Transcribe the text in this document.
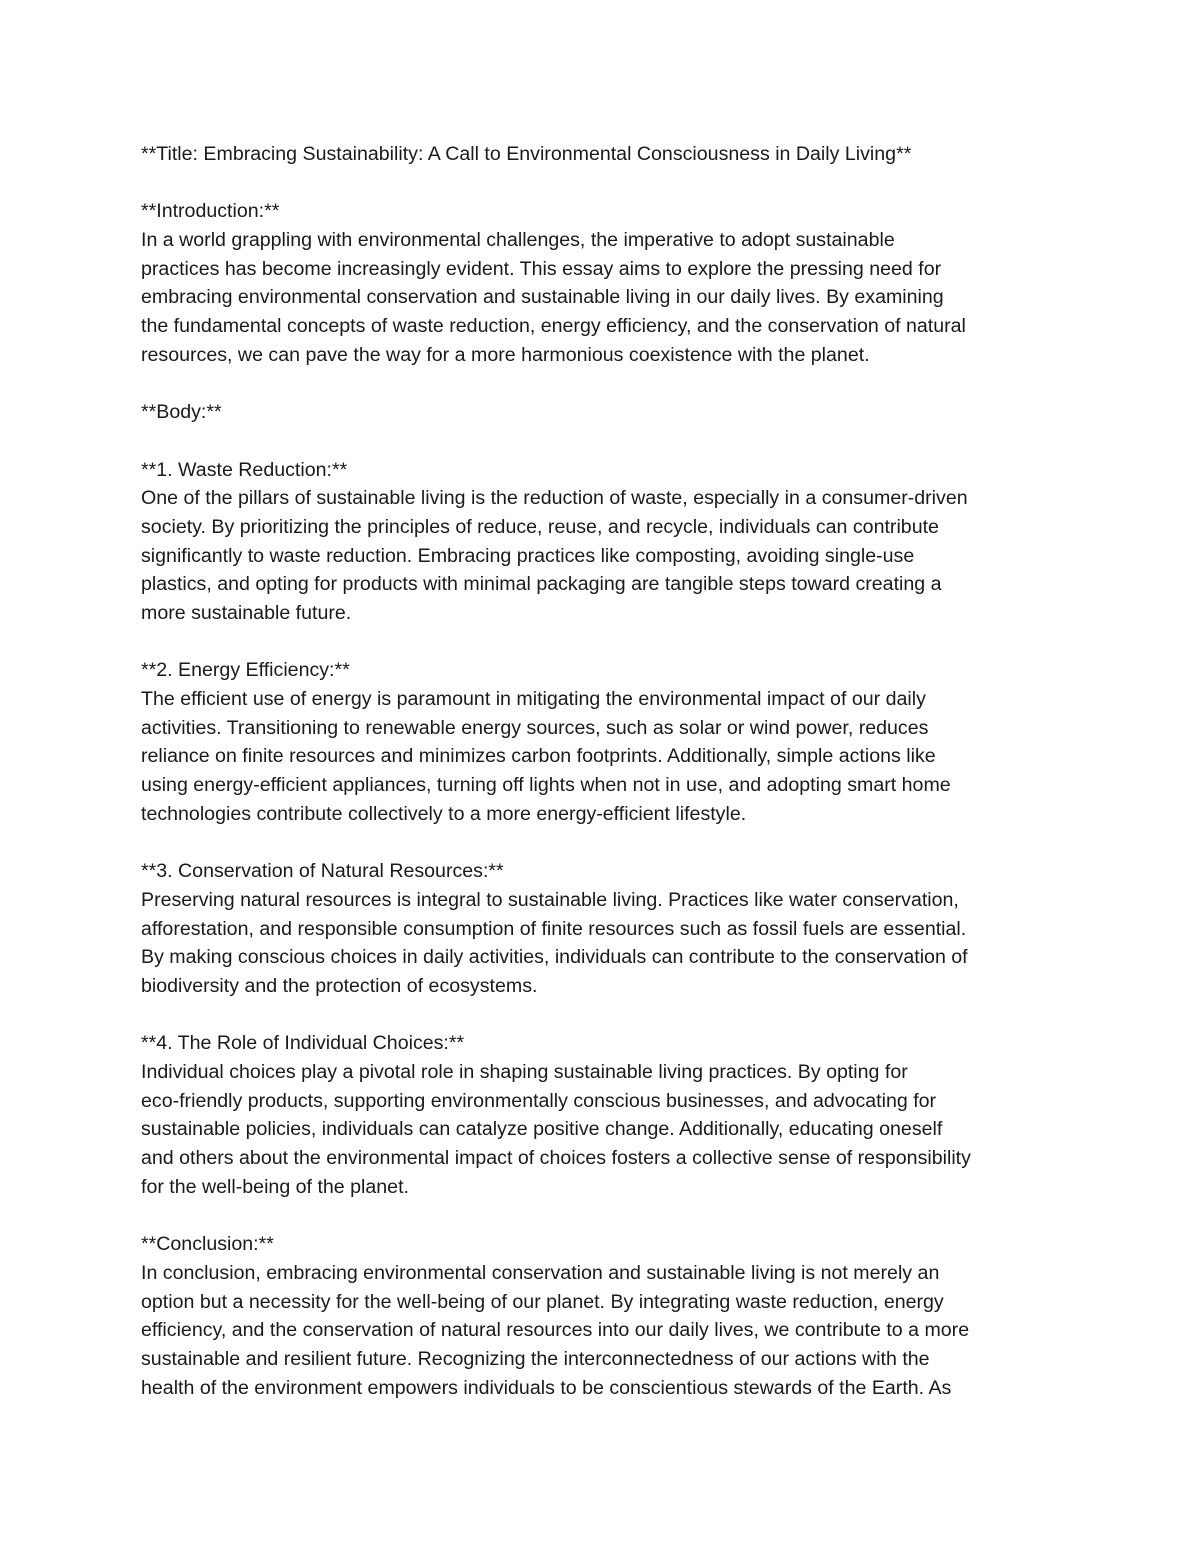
**Title: Embracing Sustainability: A Call to Environmental Consciousness in Daily Living**
**Introduction:**
In a world grappling with environmental challenges, the imperative to adopt sustainable
practices has become increasingly evident. This essay aims to explore the pressing need for
embracing environmental conservation and sustainable living in our daily lives. By examining
the fundamental concepts of waste reduction, energy efficiency, and the conservation of natural
resources, we can pave the way for a more harmonious coexistence with the planet.
**Body:**
**1. Waste Reduction:**
One of the pillars of sustainable living is the reduction of waste, especially in a consumer-driven
society. By prioritizing the principles of reduce, reuse, and recycle, individuals can contribute
significantly to waste reduction. Embracing practices like composting, avoiding single-use
plastics, and opting for products with minimal packaging are tangible steps toward creating a
more sustainable future.
**2. Energy Efficiency:**
The efficient use of energy is paramount in mitigating the environmental impact of our daily
activities. Transitioning to renewable energy sources, such as solar or wind power, reduces
reliance on finite resources and minimizes carbon footprints. Additionally, simple actions like
using energy-efficient appliances, turning off lights when not in use, and adopting smart home
technologies contribute collectively to a more energy-efficient lifestyle.
**3. Conservation of Natural Resources:**
Preserving natural resources is integral to sustainable living. Practices like water conservation,
afforestation, and responsible consumption of finite resources such as fossil fuels are essential.
By making conscious choices in daily activities, individuals can contribute to the conservation of
biodiversity and the protection of ecosystems.
**4. The Role of Individual Choices:**
Individual choices play a pivotal role in shaping sustainable living practices. By opting for
eco-friendly products, supporting environmentally conscious businesses, and advocating for
sustainable policies, individuals can catalyze positive change. Additionally, educating oneself
and others about the environmental impact of choices fosters a collective sense of responsibility
for the well-being of the planet.
**Conclusion:**
In conclusion, embracing environmental conservation and sustainable living is not merely an
option but a necessity for the well-being of our planet. By integrating waste reduction, energy
efficiency, and the conservation of natural resources into our daily lives, we contribute to a more
sustainable and resilient future. Recognizing the interconnectedness of our actions with the
health of the environment empowers individuals to be conscientious stewards of the Earth. As
